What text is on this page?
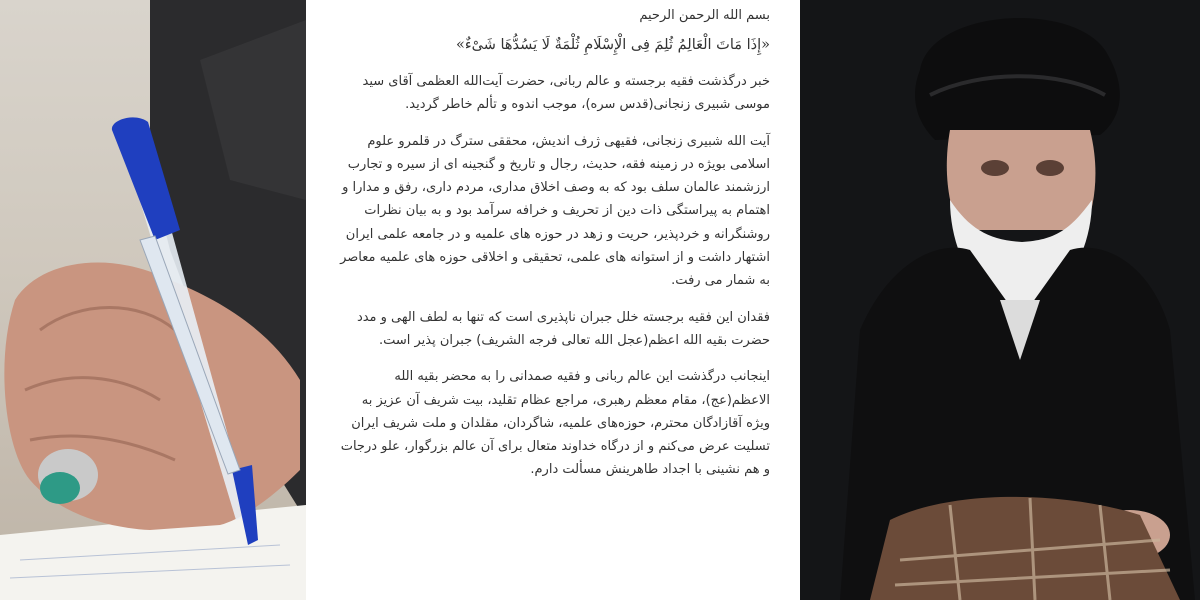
بسم الله الرحمن الرحیم
«إِذَا مَاتَ الْعَالِمُ ثُلِمَ فِی الْإِسْلَامِ ثُلْمَةٌ لَا یَسُدُّهَا شَیْءٌ»
خبر درگذشت فقیه برجسته و عالم ربانی، حضرت آیت‌الله العظمی آقای سید موسی شبیری زنجانی(قدس سره)، موجب اندوه و تألم خاطر گردید.
آیت الله شبیری زنجانی، فقیهی ژرف اندیش، محققی سترگ در قلمرو علوم اسلامی بویژه در زمینه فقه، حدیث، رجال و تاریخ و گنجینه ای از سیره و تجارب ارزشمند عالمان سلف بود که به وصف اخلاق مداری، مردم داری، رفق و مدارا و اهتمام به پیراستگی ذات دین از تحریف و خرافه سرآمد بود و به بیان نظرات روشنگرانه و خردپذیر، حریت و زهد در حوزه های علمیه و در جامعه علمی ایران اشتهار داشت و از استوانه های علمی، تحقیقی و اخلاقی حوزه های علمیه معاصر به شمار می رفت.
فقدان این فقیه برجسته خلل جبران ناپذیری است که تنها به لطف الهی و مدد حضرت بقیه الله اعظم(عجل الله تعالی فرجه الشریف) جبران پذیر است.
اینجانب درگذشت این عالم ربانی و فقیه صمدانی را به محضر بقیه الله الاعظم(عج)، مقام معظم رهبری، مراجع عظام تقلید، بیت شریف آن عزیز به ویژه آقازادگان محترم، حوزه‌های علمیه، شاگردان، مقلدان و ملت شریف ایران تسلیت عرض می‌کنم و از درگاه خداوند متعال برای آن عالم بزرگوار، علو درجات و هم نشینی با اجداد طاهرینش مسألت دارم.
